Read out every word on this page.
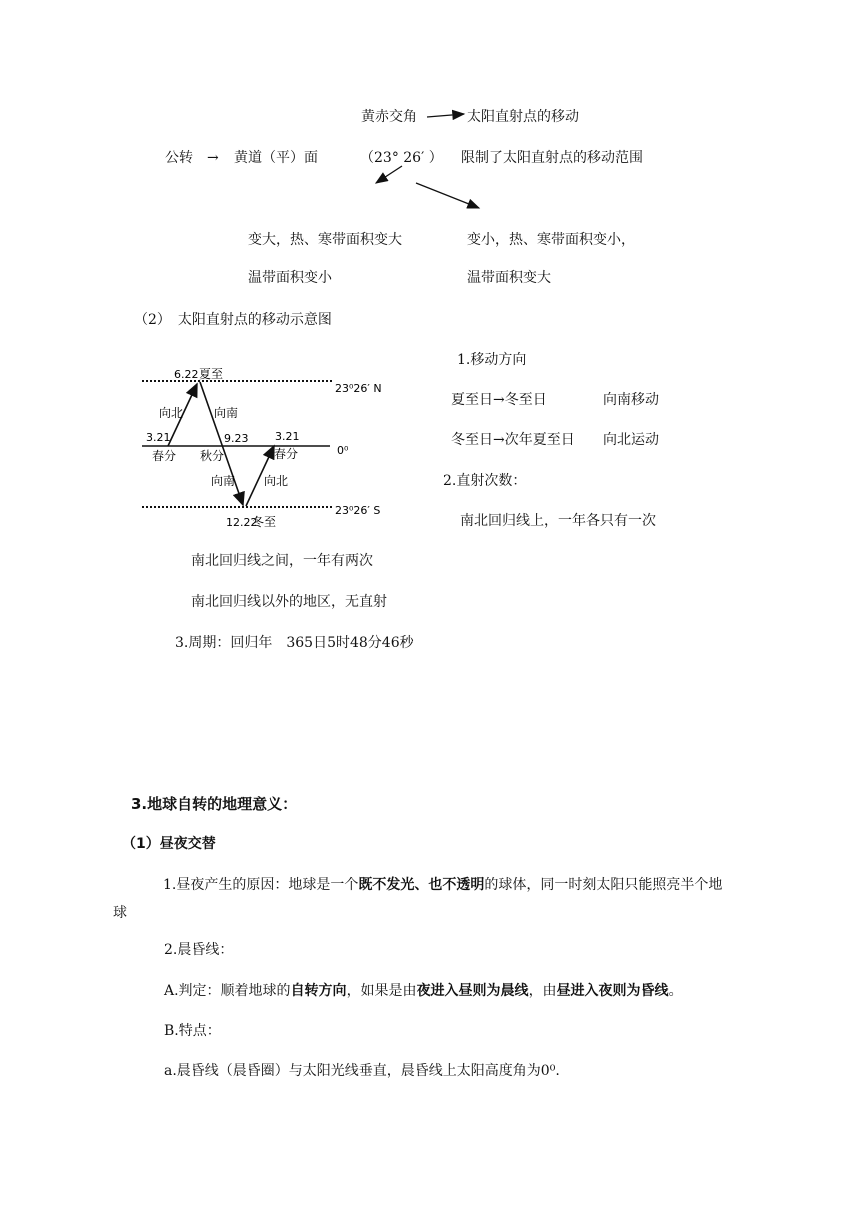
黄赤交角	太阳直射点的移动
公转 → 黄道（平）面	（23° 26′ ） 限制了太阳直射点的移动范围
变大，热、寒带面积变大
温带面积变小
变小，热、寒带面积变小，
温带面积变大
（2）　太阳直射点的移动示意图
6.22 夏至
3.21
春分
9.23
秋分
3.21
春分
向北	向南
向南 向北
12.22
冬至
23⁰26′ N
0⁰
23⁰26′ S
1.移动方向
夏至日→冬至日	向南移动
冬至日→次年夏至日 向北运动
2.直射次数：
南北回归线上，一年各只有一次
南北回归线之间，一年有两次
南北回归线以外的地区，无直射
3.周期：回归年　365日5时48分46秒
3.地球自转的地理意义：
（1）昼夜交替
1.昼夜产生的原因：地球是一个既不发光、也不透明的球体，同一时刻太阳只能照亮半个地球
2.晨昏线：
A.判定：顺着地球的自转方向，如果是由夜进入昼则为晨线，由昼进入夜则为昏线。
B.特点：
a.晨昏线（晨昏圈）与太阳光线垂直，晨昏线上太阳高度角为0⁰.
